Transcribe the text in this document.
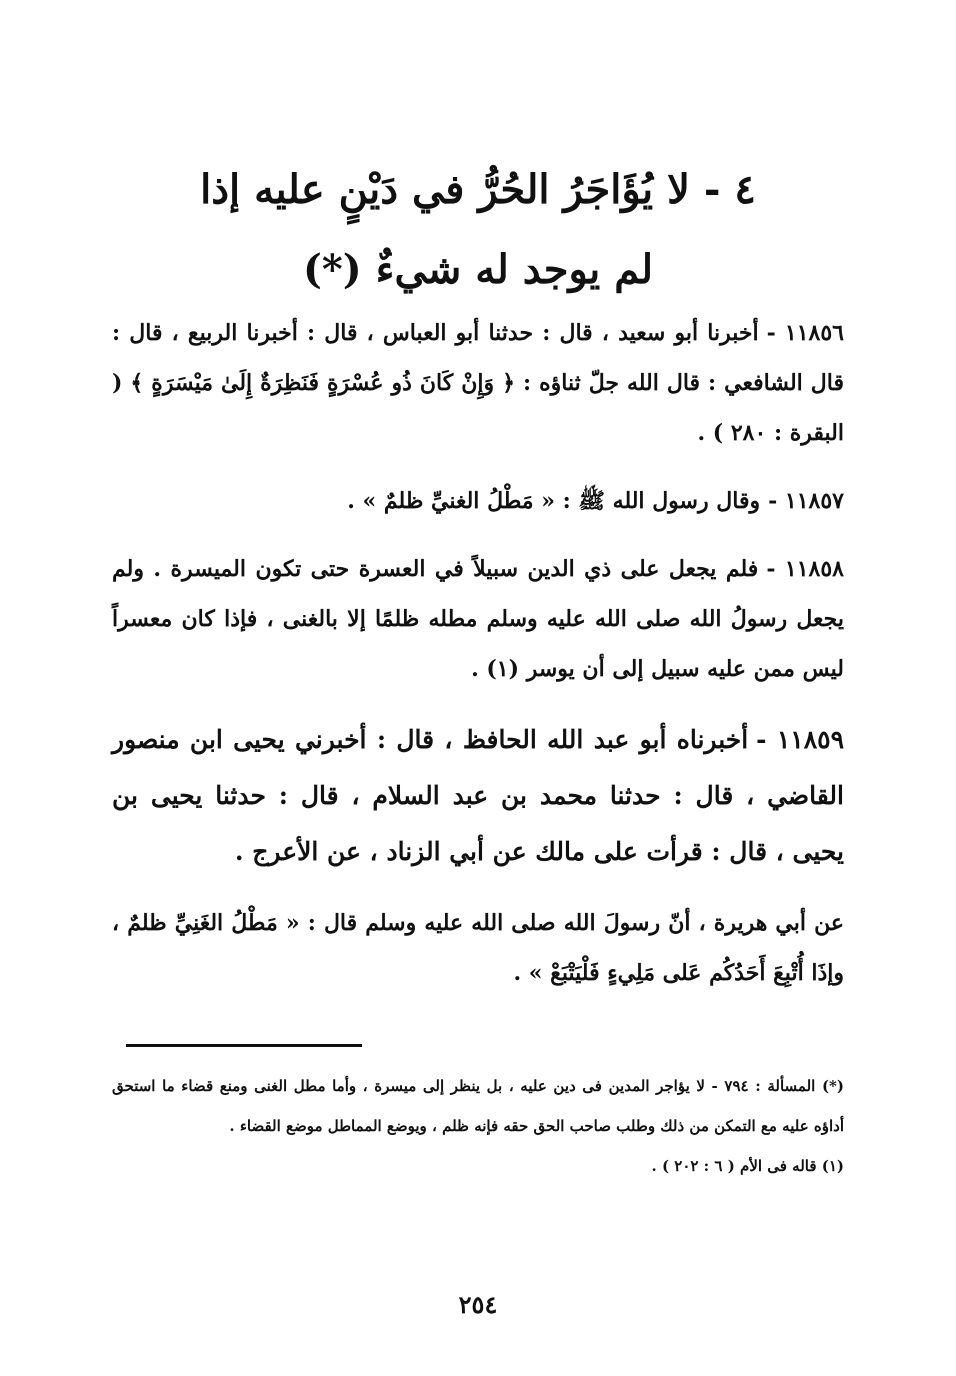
٤ - لا يُؤَاجَرُ الحُرُّ في دَيْنٍ عليه إذا
لم يوجد له شيءٌ (*)

١١٨٥٦ -أخبرنا أبو سعيد ، قال : حدثنا أبو العباس ، قال : أخبرنا الربيع ، قال : قال الشافعي : قال الله جلّ ثناؤه : ﴿ وَإِنْ كَانَ ذُو عُسْرَةٍ فَنَظِرَةٌ إِلَىٰ مَيْسَرَةٍ ﴾ ( البقرة : ٢٨٠ ) .

١١٨٥٧ -وقال رسول الله ﷺ : « مَطْلُ الغنيِّ ظلمٌ » .

١١٨٥٨ -فلم يجعل على ذي الدين سبيلاً في العسرة حتى تكون الميسرة . ولم يجعل رسولُ الله صلى الله عليه وسلم مطله ظلمًا إلا بالغنى ، فإذا كان معسراً ليس ممن عليه سبيل إلى أن يوسر (١) .

١١٨٥٩ -أخبرناه أبو عبد الله الحافظ ، قال : أخبرني يحيى ابن منصور القاضي ، قال : حدثنا محمد بن عبد السلام ، قال : حدثنا يحيى بن يحيى ، قال : قرأت على مالك عن أبي الزناد ، عن الأعرج .

عن أبي هريرة ، أنّ رسولَ الله صلى الله عليه وسلم قال : « مَطْلُ الغَنِيِّ ظلمٌ ، وإذَا أُتْبِعَ أَحَدُكُم عَلى مَلِيءٍ فَلْيَتْبَعْ » .

(*) المسألة : ٧٩٤ - لا يؤاجر المدين فى دين عليه ، بل ينظر إلى ميسرة ، وأما مطل الغنى ومنع قضاء ما استحق أداؤه عليه مع التمكن من ذلك وطلب صاحب الحق حقه فإنه ظلم ، ويوضع المماطل موضع القضاء .

(١) قاله فى الأم ( ٦ : ٢٠٢ ) .

٢٥٤
